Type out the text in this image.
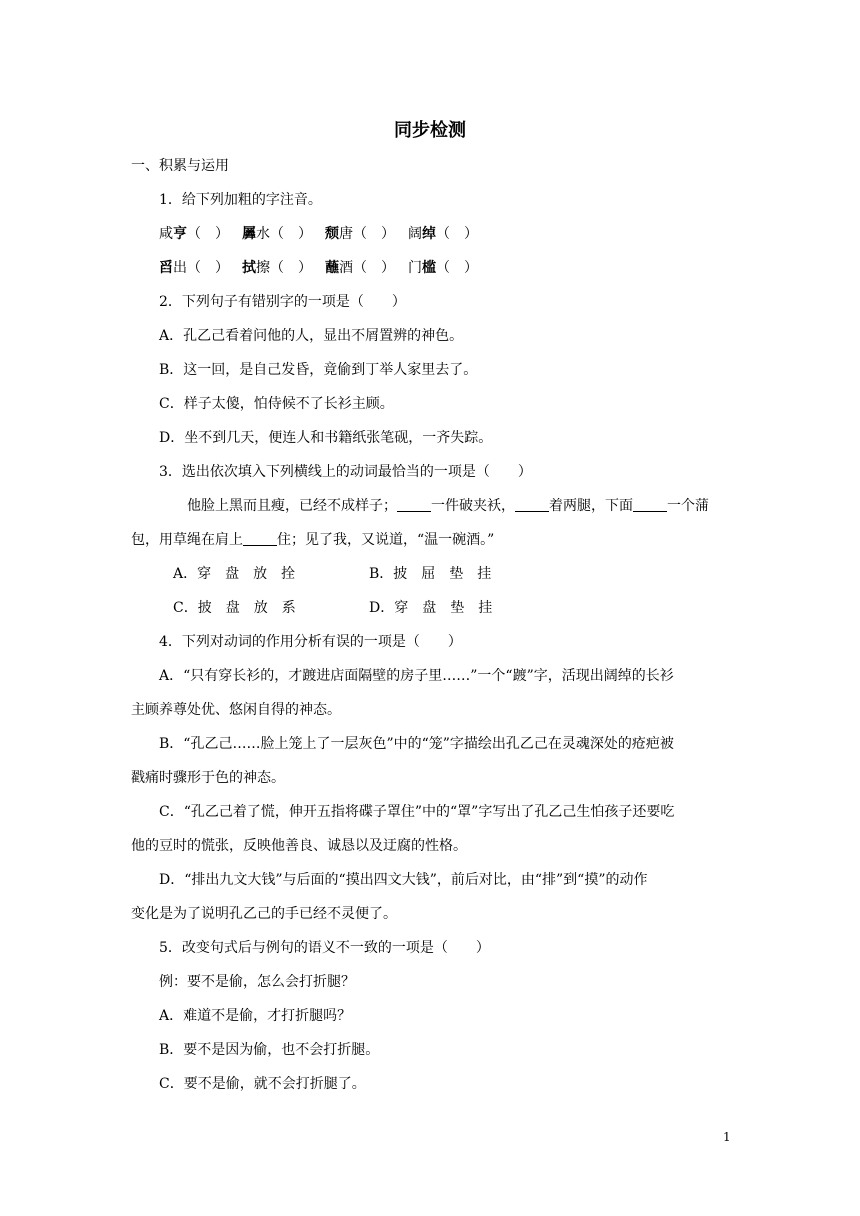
同步检测
一、积累与运用
1．给下列加粗的字注音。
咸亨（　） 羼水（　） 颓唐（　） 阔绰（　）
舀出（　） 拭擦（　） 蘸酒（　） 门槛（　）
2．下列句子有错别字的一项是（　　）
A．孔乙己看着问他的人，显出不屑置辨的神色。
B．这一回，是自己发昏，竟偷到丁举人家里去了。
C．样子太傻，怕侍候不了长衫主顾。
D．坐不到几天，便连人和书籍纸张笔砚，一齐失踪。
3．选出依次填入下列横线上的动词最恰当的一项是（　　）
他脸上黑而且瘦，已经不成样子； 一件破夹袄， 着两腿，下面 一个蒲
包，用草绳在肩上 住；见了我，又说道，“温一碗酒。”
A．穿　盘　放　拴	B．披　屈　垫　挂
C．披　盘　放　系	D．穿　盘　垫　挂
4．下列对动词的作用分析有误的一项是（　　）
A．“只有穿长衫的，才踱进店面隔壁的房子里……”一个“踱”字，活现出阔绰的长衫
主顾养尊处优、悠闲自得的神态。
B．“孔乙己……脸上笼上了一层灰色”中的“笼”字描绘出孔乙己在灵魂深处的疮疤被
戳痛时骤形于色的神态。
C．“孔乙己着了慌，伸开五指将碟子罩住”中的“罩”字写出了孔乙己生怕孩子还要吃
他的豆时的慌张，反映他善良、诚恳以及迂腐的性格。
D．“排出九文大钱”与后面的“摸出四文大钱”，前后对比，由“排”到“摸”的动作
变化是为了说明孔乙己的手已经不灵便了。
5．改变句式后与例句的语义不一致的一项是（　　）
例：要不是偷，怎么会打折腿？
A．难道不是偷，才打折腿吗？
B．要不是因为偷，也不会打折腿。
C．要不是偷，就不会打折腿了。
1
